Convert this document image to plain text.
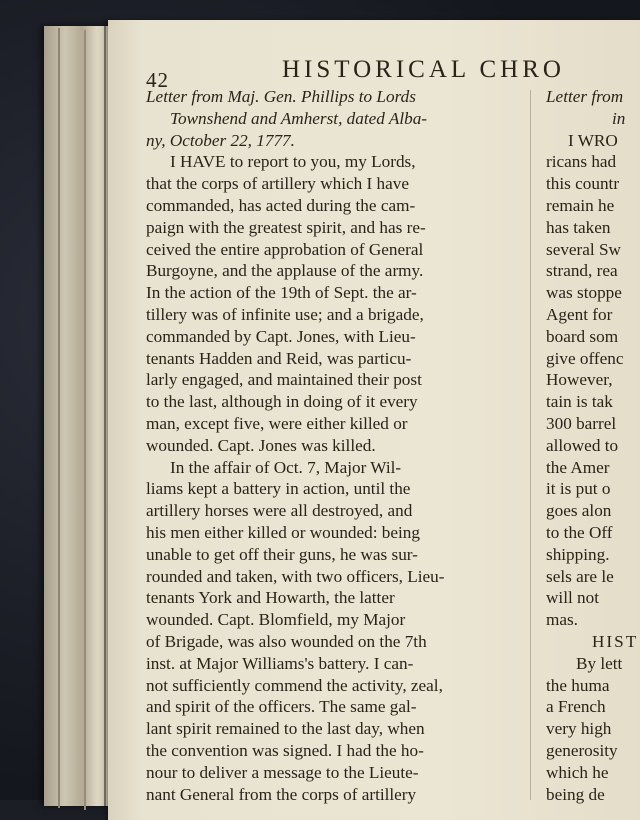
42	HISTORICAL CHRO
Letter from Maj. Gen. Phillips to Lords
Townshend and Amherst, dated Alba-
ny, October 22, 1777.
I HAVE to report to you, my Lords,
that the corps of artillery which I have
commanded, has acted during the cam-
paign with the greatest spirit, and has re-
ceived the entire approbation of General
Burgoyne, and the applause of the army.
In the action of the 19th of Sept. the ar-
tillery was of infinite use; and a brigade,
commanded by Capt. Jones, with Lieu-
tenants Hadden and Reid, was particu-
larly engaged, and maintained their post
to the last, although in doing of it every
man, except five, were either killed or
wounded. Capt. Jones was killed.
In the affair of Oct. 7, Major Wil-
liams kept a battery in action, until the
artillery horses were all destroyed, and
his men either killed or wounded: being
unable to get off their guns, he was sur-
rounded and taken, with two officers, Lieu-
tenants York and Howarth, the latter
wounded. Capt. Blomfield, my Major
of Brigade, was also wounded on the 7th
inst. at Major Williams's battery. I can-
not sufficiently commend the activity, zeal,
and spirit of the officers. The same gal-
lant spirit remained to the last day, when
the convention was signed. I had the ho-
nour to deliver a message to the Lieute-
nant General from the corps of artillery
Letter from
in
I WRO
ricans had
this countr
remain he
has taken
several Sw
strand, rea
was stoppe
Agent for
board som
give offenc
However,
tain is tak
300 barrel
allowed to
the Amer
it is put o
goes alon
to the Off
shipping.
sels are le
will not
mas.
HIST
By lett
the huma
a French
very high
generosity
which he
being de
